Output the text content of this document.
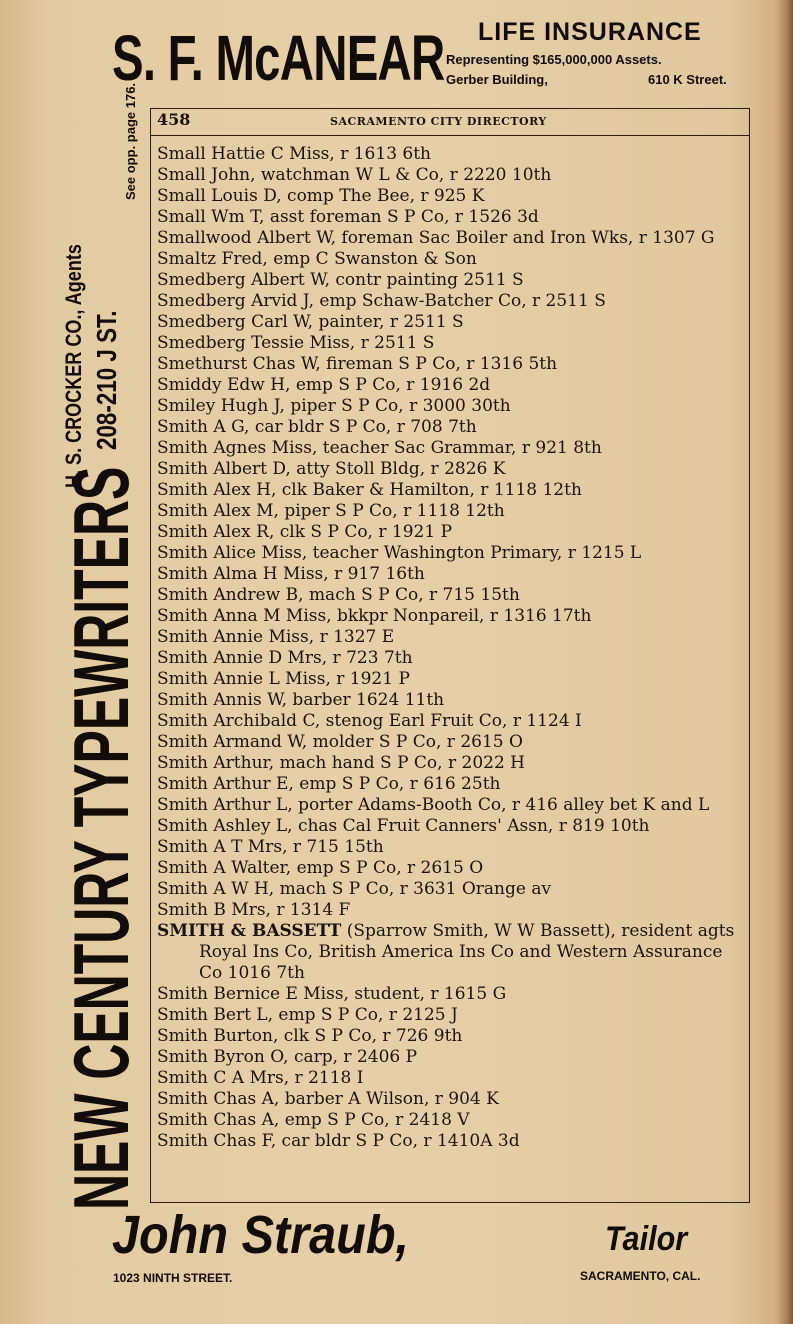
S. F. McANEAR LIFE INSURANCE
Representing $165,000,000 Assets.
Gerber Building,	610 K Street.
NEW CENTURY TYPEWRITERS
H. S. CROCKER CO., Agents 208-210 J ST.
See opp. page 176. 458	SACRAMENTO CITY DIRECTORY
Small Hattie C Miss, r 1613 6th
Small John, watchman W L & Co, r 2220 10th
Small Louis D, comp The Bee, r 925 K
Small Wm T, asst foreman S P Co, r 1526 3d
Smallwood Albert W, foreman Sac Boiler and Iron Wks, r 1307 G
Smaltz Fred, emp C Swanston & Son
Smedberg Albert W, contr painting 2511 S
Smedberg Arvid J, emp Schaw-Batcher Co, r 2511 S
Smedberg Carl W, painter, r 2511 S
Smedberg Tessie Miss, r 2511 S
Smethurst Chas W, fireman S P Co, r 1316 5th
Smiddy Edw H, emp S P Co, r 1916 2d
Smiley Hugh J, piper S P Co, r 3000 30th
Smith A G, car bldr S P Co, r 708 7th
Smith Agnes Miss, teacher Sac Grammar, r 921 8th
Smith Albert D, atty Stoll Bldg, r 2826 K
Smith Alex H, clk Baker & Hamilton, r 1118 12th
Smith Alex M, piper S P Co, r 1118 12th
Smith Alex R, clk S P Co, r 1921 P
Smith Alice Miss, teacher Washington Primary, r 1215 L
Smith Alma H Miss, r 917 16th
Smith Andrew B, mach S P Co, r 715 15th
Smith Anna M Miss, bkkpr Nonpareil, r 1316 17th
Smith Annie Miss, r 1327 E
Smith Annie D Mrs, r 723 7th
Smith Annie L Miss, r 1921 P
Smith Annis W, barber 1624 11th
Smith Archibald C, stenog Earl Fruit Co, r 1124 I
Smith Armand W, molder S P Co, r 2615 O
Smith Arthur, mach hand S P Co, r 2022 H
Smith Arthur E, emp S P Co, r 616 25th
Smith Arthur L, porter Adams-Booth Co, r 416 alley bet K and L
Smith Ashley L, chas Cal Fruit Canners' Assn, r 819 10th
Smith A T Mrs, r 715 15th
Smith A Walter, emp S P Co, r 2615 O
Smith A W H, mach S P Co, r 3631 Orange av
Smith B Mrs, r 1314 F
SMITH & BASSETT (Sparrow Smith, W W Bassett), resident agts Royal Ins Co, British America Ins Co and Western Assurance Co 1016 7th
Smith Bernice E Miss, student, r 1615 G
Smith Bert L, emp S P Co, r 2125 J
Smith Burton, clk S P Co, r 726 9th
Smith Byron O, carp, r 2406 P
Smith C A Mrs, r 2118 I
Smith Chas A, barber A Wilson, r 904 K
Smith Chas A, emp S P Co, r 2418 V
Smith Chas F, car bldr S P Co, r 1410A 3d
John Straub,	Tailor
1023 NINTH STREET.	SACRAMENTO, CAL.
